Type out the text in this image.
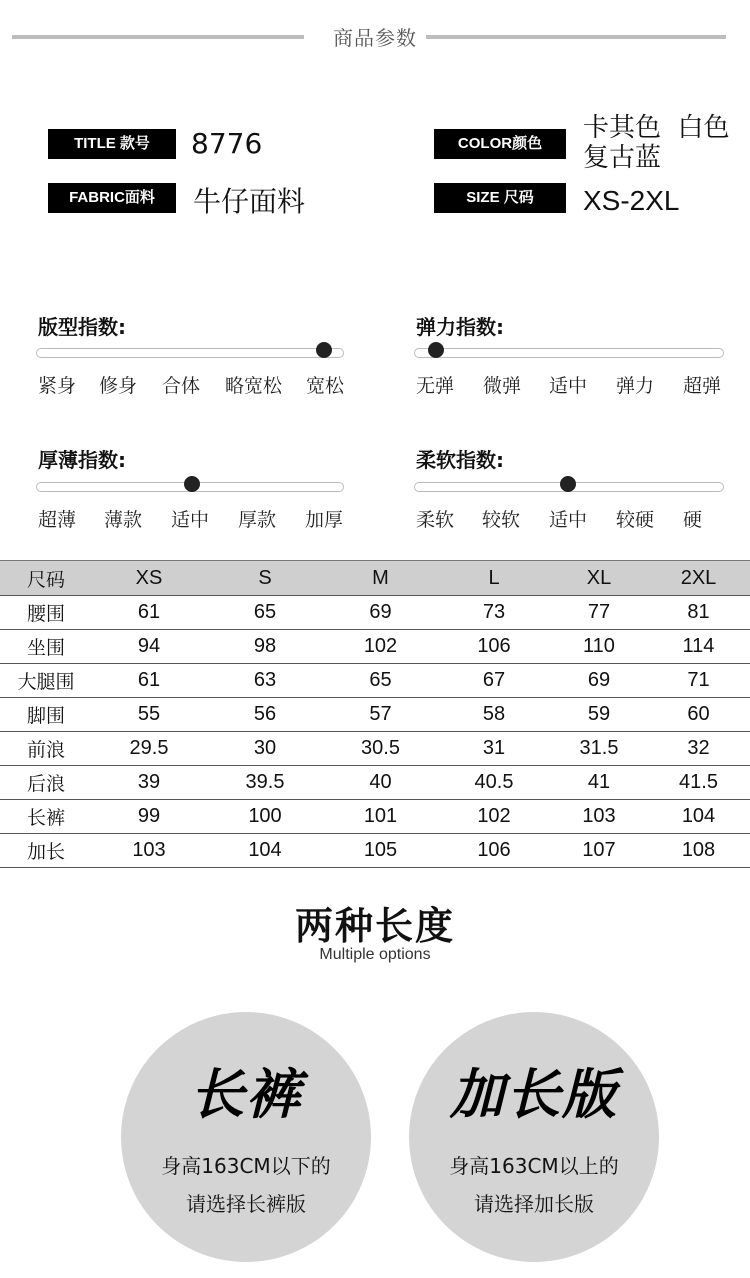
商品参数
TITLE 款号	8776
FABRIC面料	牛仔面料
COLOR颜色
卡其色  白色
复古蓝
SIZE 尺码	XS-2XL
版型指数:
紧身 修身 合体 略宽松 宽松
弹力指数:
无弹 微弹 适中 弹力 超弹
厚薄指数:
超薄 薄款 适中 厚款 加厚
柔软指数:
柔软 较软 适中 较硬 硬
尺码	XS	S	M	L	XL	2XL
腰围	61	65	69	73	77	81
坐围	94	98	102	106	110	114
大腿围	61	63	65	67	69	71
脚围	55	56	57	58	59	60
前浪	29.5	30	30.5	31	31.5	32
后浪	39	39.5	40	40.5	41	41.5
长裤	99	100	101	102	103	104
加长	103	104	105	106	107	108
两种长度
Multiple options
长裤
身高163CM以下的
请选择长裤版
加长版
身高163CM以上的
请选择加长版
